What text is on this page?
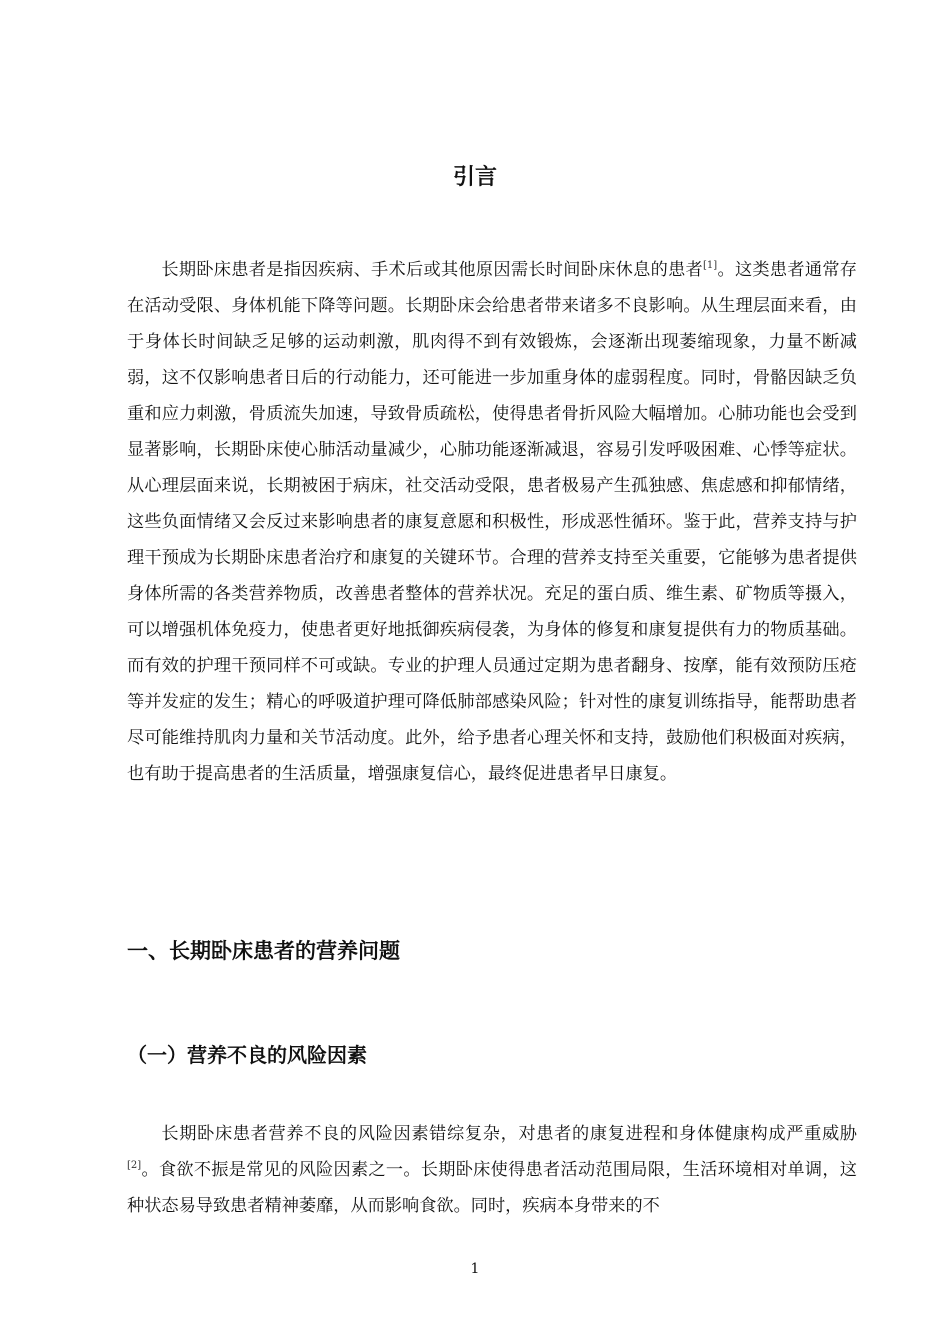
引言

长期卧床患者是指因疾病、手术后或其他原因需长时间卧床休息的患者[1]。这类患者通常存在活动受限、身体机能下降等问题。长期卧床会给患者带来诸多不良影响。从生理层面来看，由于身体长时间缺乏足够的运动刺激，肌肉得不到有效锻炼，会逐渐出现萎缩现象，力量不断减弱，这不仅影响患者日后的行动能力，还可能进一步加重身体的虚弱程度。同时，骨骼因缺乏负重和应力刺激，骨质流失加速，导致骨质疏松，使得患者骨折风险大幅增加。心肺功能也会受到显著影响，长期卧床使心肺活动量减少，心肺功能逐渐减退，容易引发呼吸困难、心悸等症状。从心理层面来说，长期被困于病床，社交活动受限，患者极易产生孤独感、焦虑感和抑郁情绪，这些负面情绪又会反过来影响患者的康复意愿和积极性，形成恶性循环。鉴于此，营养支持与护理干预成为长期卧床患者治疗和康复的关键环节。合理的营养支持至关重要，它能够为患者提供身体所需的各类营养物质，改善患者整体的营养状况。充足的蛋白质、维生素、矿物质等摄入，可以增强机体免疫力，使患者更好地抵御疾病侵袭，为身体的修复和康复提供有力的物质基础。而有效的护理干预同样不可或缺。专业的护理人员通过定期为患者翻身、按摩，能有效预防压疮等并发症的发生；精心的呼吸道护理可降低肺部感染风险；针对性的康复训练指导，能帮助患者尽可能维持肌肉力量和关节活动度。此外，给予患者心理关怀和支持，鼓励他们积极面对疾病，也有助于提高患者的生活质量，增强康复信心，最终促进患者早日康复。

一、长期卧床患者的营养问题
（一）营养不良的风险因素

长期卧床患者营养不良的风险因素错综复杂，对患者的康复进程和身体健康构成严重威胁[2]。食欲不振是常见的风险因素之一。长期卧床使得患者活动范围局限，生活环境相对单调，这种状态易导致患者精神萎靡，从而影响食欲。同时，疾病本身带来的不

1
